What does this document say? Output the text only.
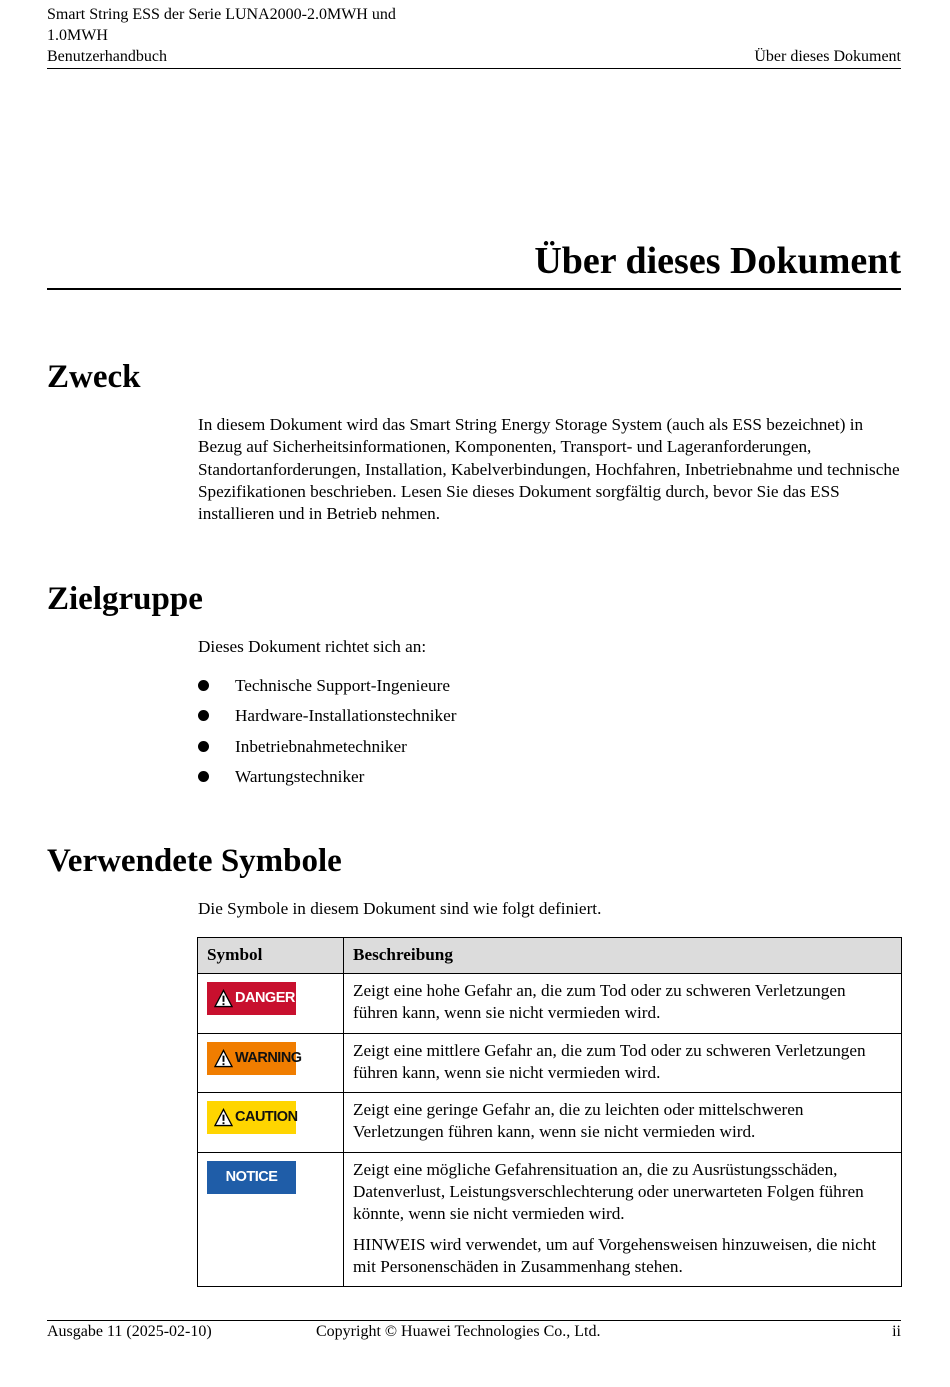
Smart String ESS der Serie LUNA2000-2.0MWH und
1.0MWH
Benutzerhandbuch	Über dieses Dokument
Über dieses Dokument
Zweck

In diesem Dokument wird das Smart String Energy Storage System (auch als ESS bezeichnet) in Bezug auf Sicherheitsinformationen, Komponenten, Transport- und Lageranforderungen, Standortanforderungen, Installation, Kabelverbindungen, Hochfahren, Inbetriebnahme und technische Spezifikationen beschrieben. Lesen Sie dieses Dokument sorgfältig durch, bevor Sie das ESS installieren und in Betrieb nehmen.

Zielgruppe

Dieses Dokument richtet sich an:

Technische Support-Ingenieure
Hardware-Installationstechniker
Inbetriebnahmetechniker
Wartungstechniker
Verwendete Symbole

Die Symbole in diesem Dokument sind wie folgt definiert.

Symbol	Beschreibung

DANGER	Zeigt eine hohe Gefahr an, die zum Tod oder zu schweren Verletzungen führen kann, wenn sie nicht vermieden wird.

WARNING	Zeigt eine mittlere Gefahr an, die zum Tod oder zu schweren Verletzungen führen kann, wenn sie nicht vermieden wird.

CAUTION	Zeigt eine geringe Gefahr an, die zu leichten oder mittelschweren Verletzungen führen kann, wenn sie nicht vermieden wird.

NOTICE	Zeigt eine mögliche Gefahrensituation an, die zu Ausrüstungsschäden, Datenverlust, Leistungsverschlechterung oder unerwarteten Folgen führen könnte, wenn sie nicht vermieden wird.

HINWEIS wird verwendet, um auf Vorgehensweisen hinzuweisen, die nicht mit Personenschäden in Zusammenhang stehen.

Ausgabe 11 (2025-02-10)	Copyright © Huawei Technologies Co., Ltd.	ii
